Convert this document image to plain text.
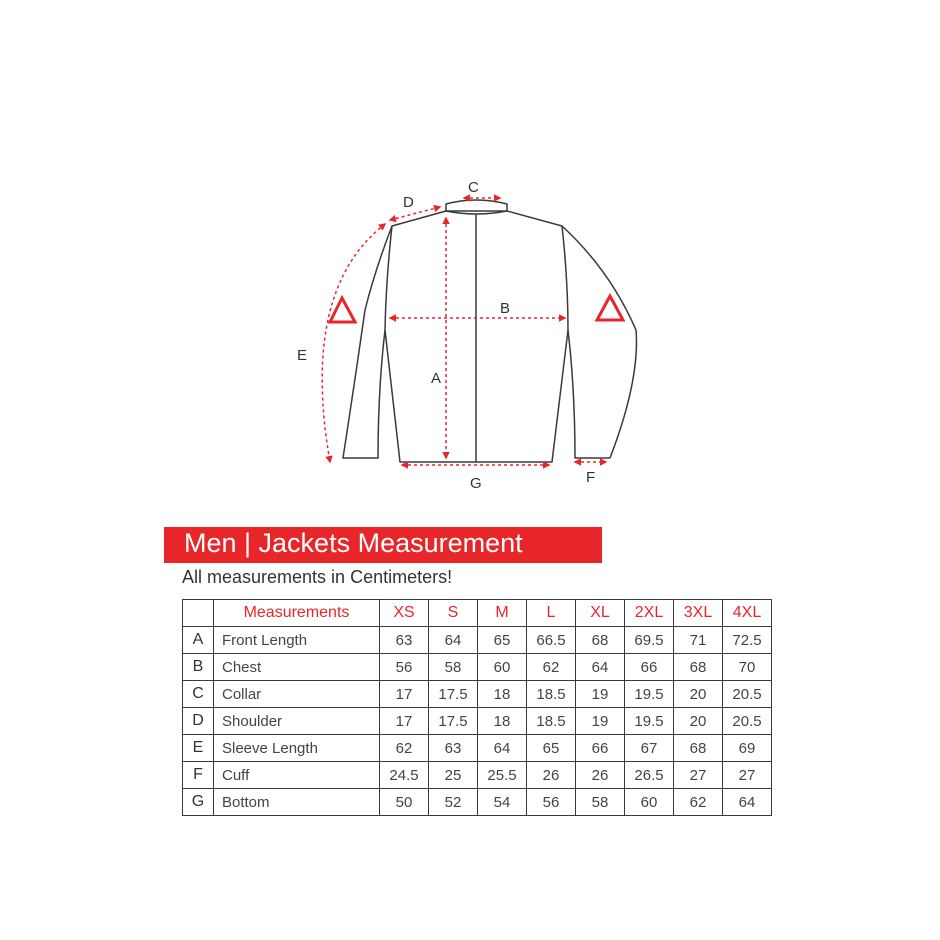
A
B
C
D
E
F
G
Men | Jackets Measurement
All measurements in Centimeters!
	Measurements	XS	S	M	L	XL	2XL	3XL	4XL
A	Front Length	63	64	65	66.5	68	69.5	71	72.5
B	Chest	56	58	60	62	64	66	68	70
C	Collar	17	17.5	18	18.5	19	19.5	20	20.5
D	Shoulder	17	17.5	18	18.5	19	19.5	20	20.5
E	Sleeve Length	62	63	64	65	66	67	68	69
F	Cuff	24.5	25	25.5	26	26	26.5	27	27
G	Bottom	50	52	54	56	58	60	62	64
